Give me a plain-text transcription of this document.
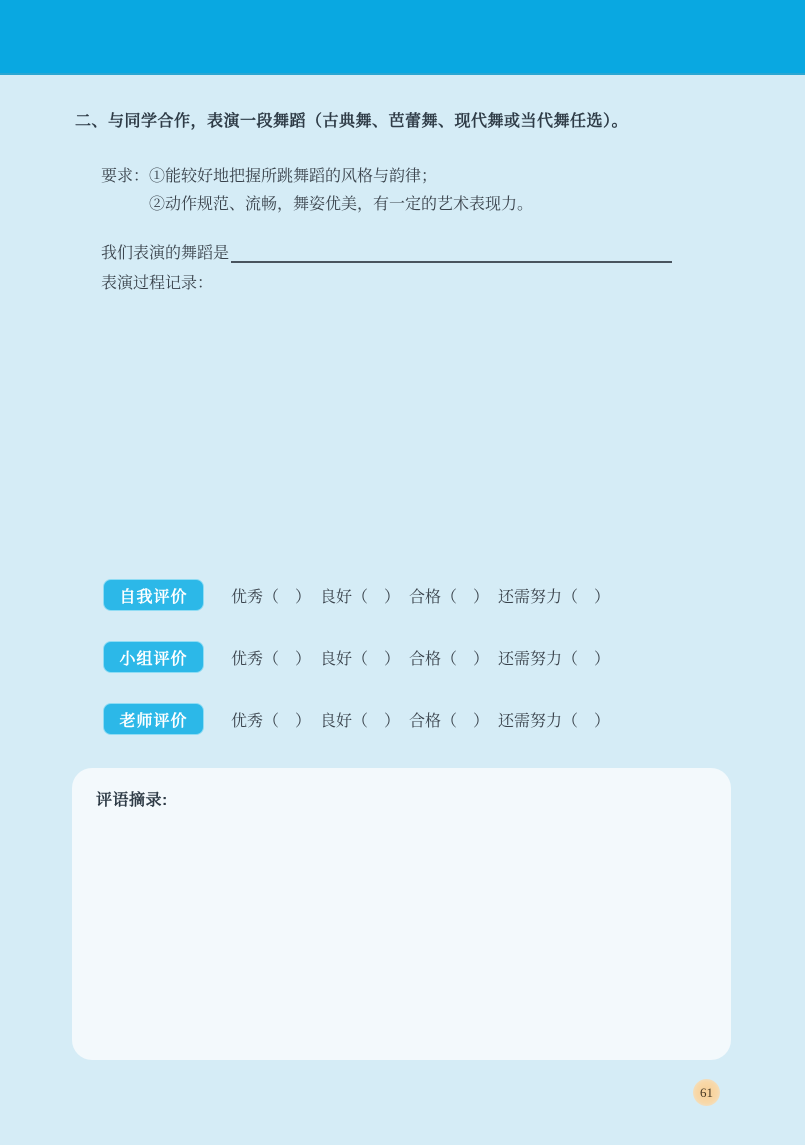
二、与同学合作，表演一段舞蹈（古典舞、芭蕾舞、现代舞或当代舞任选）。
要求： ①能较好地把握所跳舞蹈的风格与韵律；
②动作规范、流畅，舞姿优美，有一定的艺术表现力。
我们表演的舞蹈是
表演过程记录：
自我评价	优秀（　） 良好（　） 合格（　） 还需努力（　）
小组评价	优秀（　） 良好（　） 合格（　） 还需努力（　）
老师评价	优秀（　） 良好（　） 合格（　） 还需努力（　）
评语摘录:
61
